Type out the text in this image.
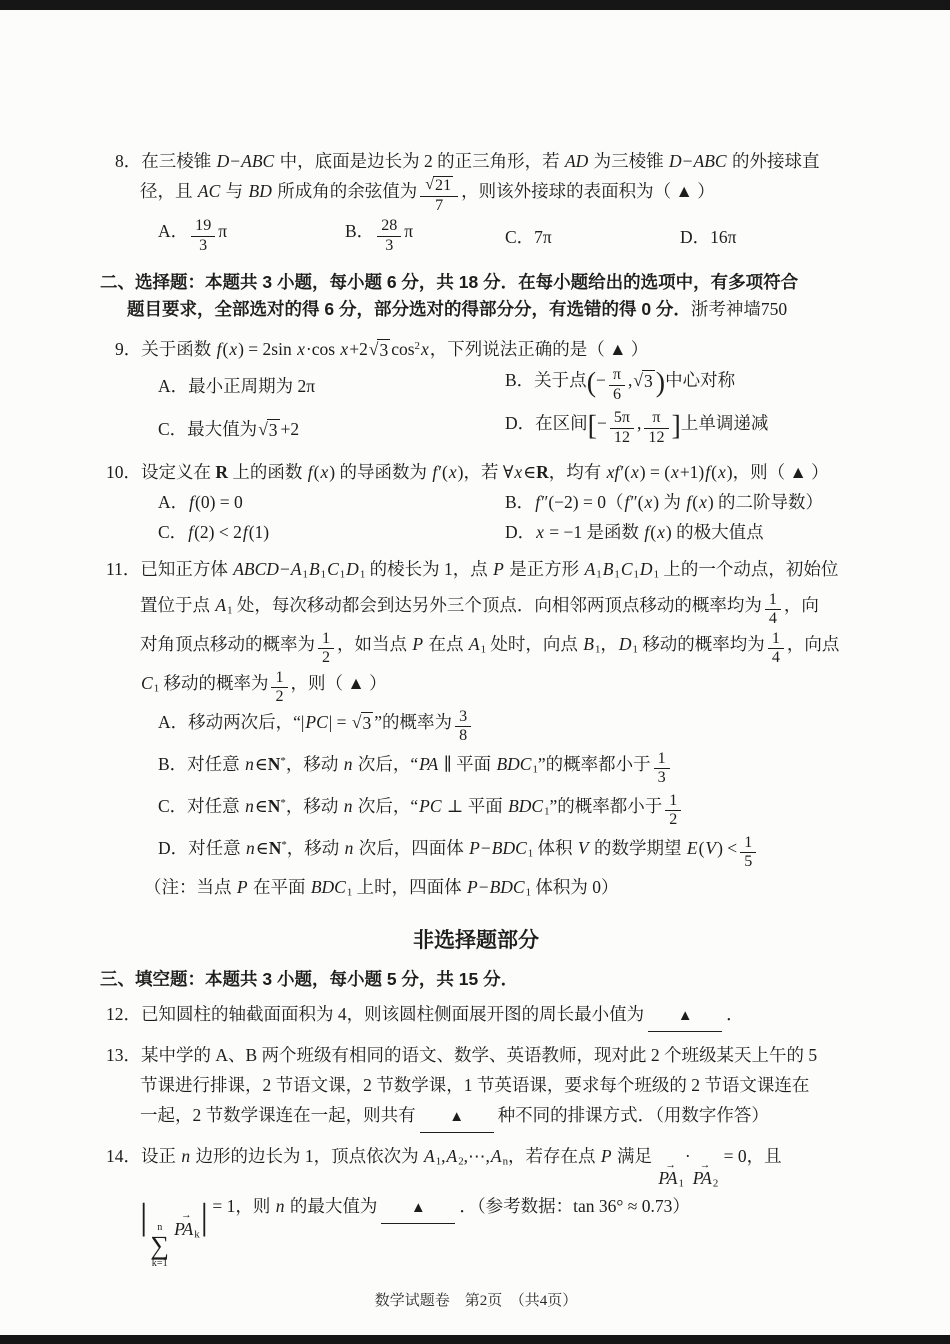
8．在三棱锥 D−ABC 中，底面是边长为 2 的正三角形，若 AD 为三棱锥 D−ABC 的外接球直
径，且 AC 与 BD 所成角的余弦值为 $\frac{√ 21}{7}$ ，则该外接球的表面积为（ ▲ ）
A． $\frac{19}{3}$ π	B． $\frac{28}{3}$ π	C．7π	D．16π
二、选择题：本题共 3 小题，每小题 6 分，共 18 分．在每小题给出的选项中，有多项符合
题目要求，全部选对的得 6 分，部分选对的得部分分，有选错的得 0 分．浙考神墙750
9．关于函数 f(x) = 2sin x·cos x+2 √ 3 $\cos^2x$，下列说法正确的是（ ▲ ）
A．最小正周期为 2π	B．关于点(− $\frac{\pi}{6}$ , √ 3 )中心对称
C．最大值为 √ 3 +2	D．在区间[− $\frac{5\pi}{12}$ , $\frac{\pi}{12}$ ]上单调递减
10．设定义在 R 上的函数 f(x) 的导函数为 f′(x)，若 ∀x∈R，均有 xf′(x) = (x+1)f(x)，则（ ▲ ）
A．f(0) = 0	B．f″(−2) = 0（f″(x) 为 f(x) 的二阶导数）
C．f(2) < 2f(1)	D．x = −1 是函数 f(x) 的极大值点
11．已知正方体 $ABCD-A_1B_1C_1D_1$ 的棱长为 1，点 P 是正方形 $A_1B_1C_1D_1$ 上的一个动点，初始位
置位于点 $A_1$ 处，每次移动都会到达另外三个顶点．向相邻两顶点移动的概率均为 $\frac{1}{4}$ ，向
对角顶点移动的概率为 $\frac{1}{2}$ ，如当点 P 在点 $A_1$ 处时，向点 $B_1$，$D_1$ 移动的概率均为 $\frac{1}{4}$ ，向点
$C_1$ 移动的概率为 $\frac{1}{2}$ ，则（ ▲ ）
A．移动两次后，“|PC| = √ 3 ”的概率为 $\frac{3}{8}$
B．对任意 n∈N*，移动 n 次后，“PA ∥ 平面 $BDC_1$”的概率都小于 $\frac{1}{3}$
C．对任意 n∈N*，移动 n 次后，“PC ⊥ 平面 $BDC_1$”的概率都小于 $\frac{1}{2}$
D．对任意 n∈N*，移动 n 次后，四面体 $P-BDC_1$ 体积 V 的数学期望 $E(V) < \frac{1}{5}$
（注：当点 P 在平面 $BDC_1$ 上时，四面体 $P-BDC_1$ 体积为 0）
非选择题部分
三、填空题：本题共 3 小题，每小题 5 分，共 15 分．
12．已知圆柱的轴截面面积为 4，则该圆柱侧面展开图的周长最小值为 ▲ ．
13．某中学的 A、B 两个班级有相同的语文、数学、英语教师，现对此 2 个班级某天上午的 5
节课进行排课，2 节语文课，2 节数学课，1 节英语课，要求每个班级的 2 节语文课连在
一起，2 节数学课连在一起，则共有 ▲ 种不同的排课方式．（用数字作答）
14．设正 n 边形的边长为 1，顶点依次为 $A_1,A_2,\cdots,A_n$，若存在点 P 满足 →
$PA_1$
· →
$PA_2$
= 0，且
| n
∑
k=1
→
$PA_k$ | = 1，则 n 的最大值为 ▲ ．（参考数据：tan 36° ≈ 0.73）
数学试题卷　第2页　（共4页）
